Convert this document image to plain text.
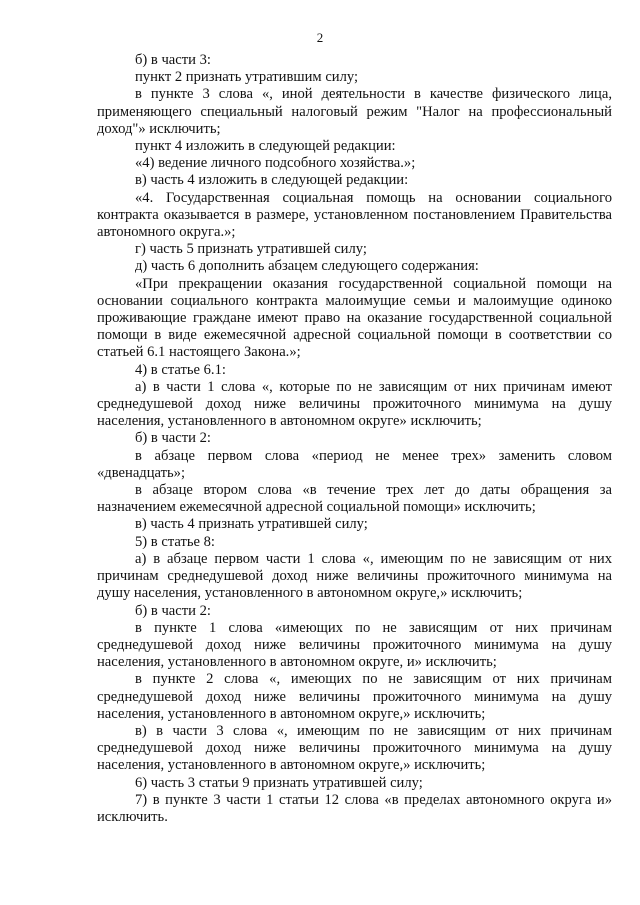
2

б) в части 3:

пункт 2 признать утратившим силу;

в пункте 3 слова «, иной деятельности в качестве физического лица, применяющего специальный налоговый режим "Налог на профессиональный доход"» исключить;

пункт 4 изложить в следующей редакции:

«4) ведение личного подсобного хозяйства.»;

в) часть 4 изложить в следующей редакции:

«4. Государственная социальная помощь на основании социального контракта оказывается в размере, установленном постановлением Правительства автономного округа.»;

г) часть 5 признать утратившей силу;

д) часть 6 дополнить абзацем следующего содержания:

«При прекращении оказания государственной социальной помощи на основании социального контракта малоимущие семьи и малоимущие одиноко проживающие граждане имеют право на оказание государственной социальной помощи в виде ежемесячной адресной социальной помощи в соответствии со статьей 6.1 настоящего Закона.»;

4) в статье 6.1:

а) в части 1 слова «, которые по не зависящим от них причинам имеют среднедушевой доход ниже величины прожиточного минимума на душу населения, установленного в автономном округе» исключить;

б) в части 2:

в абзаце первом слова «период не менее трех» заменить словом «двенадцать»;

в абзаце втором слова «в течение трех лет до даты обращения за назначением ежемесячной адресной социальной помощи» исключить;

в) часть 4 признать утратившей силу;

5) в статье 8:

а) в абзаце первом части 1 слова «, имеющим по не зависящим от них причинам среднедушевой доход ниже величины прожиточного минимума на душу населения, установленного в автономном округе,» исключить;

б) в части 2:

в пункте 1 слова «имеющих по не зависящим от них причинам среднедушевой доход ниже величины прожиточного минимума на душу населения, установленного в автономном округе, и» исключить;

в пункте 2 слова «, имеющих по не зависящим от них причинам среднедушевой доход ниже величины прожиточного минимума на душу населения, установленного в автономном округе,» исключить;

в) в части 3 слова «, имеющим по не зависящим от них причинам среднедушевой доход ниже величины прожиточного минимума на душу населения, установленного в автономном округе,» исключить;

6) часть 3 статьи 9 признать утратившей силу;

7) в пункте 3 части 1 статьи 12 слова «в пределах автономного округа и» исключить.
